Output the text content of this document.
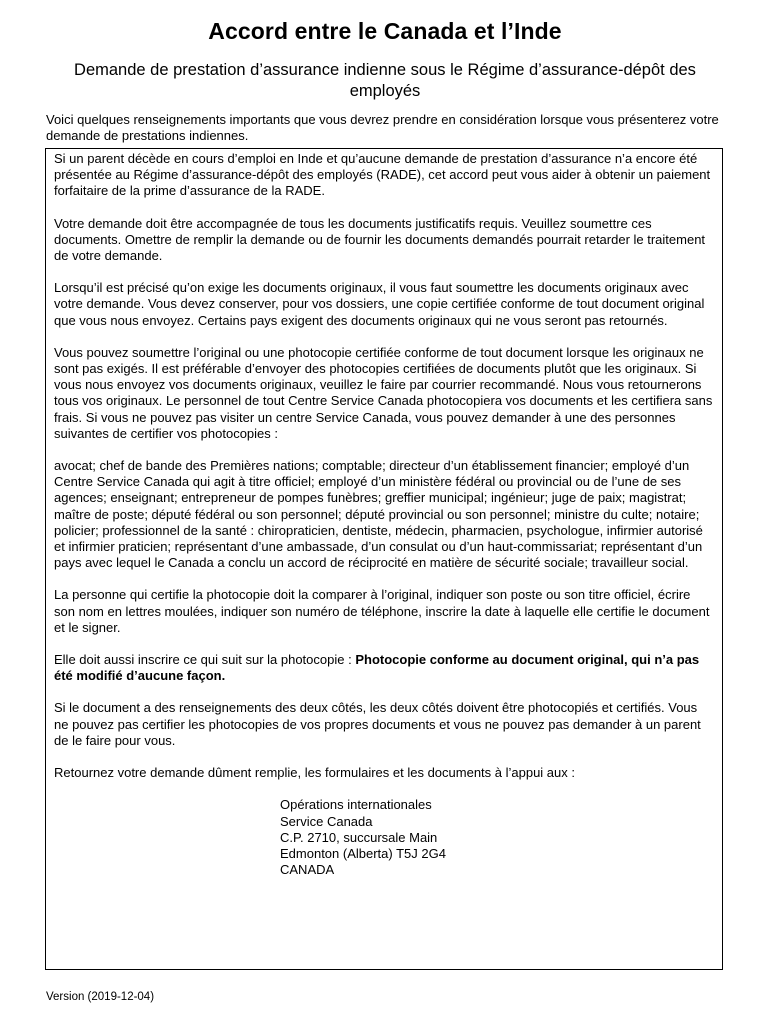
Accord entre le Canada et l’Inde
Demande de prestation d’assurance indienne sous le Régime d’assurance-dépôt des employés
Voici quelques renseignements importants que vous devrez prendre en considération lorsque vous présenterez votre demande de prestations indiennes.

Si un parent décède en cours d’emploi en Inde et qu’aucune demande de prestation d’assurance n’a encore été présentée au Régime d’assurance-dépôt des employés (RADE), cet accord peut vous aider à obtenir un paiement forfaitaire de la prime d’assurance de la RADE.

Votre demande doit être accompagnée de tous les documents justificatifs requis. Veuillez soumettre ces documents. Omettre de remplir la demande ou de fournir les documents demandés pourrait retarder le traitement de votre demande.

Lorsqu’il est précisé qu’on exige les documents originaux, il vous faut soumettre les documents originaux avec votre demande. Vous devez conserver, pour vos dossiers, une copie certifiée conforme de tout document original que vous nous envoyez. Certains pays exigent des documents originaux qui ne vous seront pas retournés.

Vous pouvez soumettre l’original ou une photocopie certifiée conforme de tout document lorsque les originaux ne sont pas exigés. Il est préférable d’envoyer des photocopies certifiées de documents plutôt que les originaux. Si vous nous envoyez vos documents originaux, veuillez le faire par courrier recommandé. Nous vous retournerons tous vos originaux. Le personnel de tout Centre Service Canada photocopiera vos documents et les certifiera sans frais. Si vous ne pouvez pas visiter un centre Service Canada, vous pouvez demander à une des personnes suivantes de certifier vos photocopies :

avocat; chef de bande des Premières nations; comptable; directeur d’un établissement financier; employé d’un Centre Service Canada qui agit à titre officiel; employé d’un ministère fédéral ou provincial ou de l’une de ses agences; enseignant; entrepreneur de pompes funèbres; greffier municipal; ingénieur; juge de paix; magistrat; maître de poste; député fédéral ou son personnel; député provincial ou son personnel; ministre du culte; notaire; policier; professionnel de la santé : chiropraticien, dentiste, médecin, pharmacien, psychologue, infirmier autorisé et infirmier praticien; représentant d’une ambassade, d’un consulat ou d’un haut-commissariat; représentant d’un pays avec lequel le Canada a conclu un accord de réciprocité en matière de sécurité sociale; travailleur social.

La personne qui certifie la photocopie doit la comparer à l’original, indiquer son poste ou son titre officiel, écrire son nom en lettres moulées, indiquer son numéro de téléphone, inscrire la date à laquelle elle certifie le document et le signer.

Elle doit aussi inscrire ce qui suit sur la photocopie : Photocopie conforme au document original, qui n’a pas été modifié d’aucune façon.

Si le document a des renseignements des deux côtés, les deux côtés doivent être photocopiés et certifiés. Vous ne pouvez pas certifier les photocopies de vos propres documents et vous ne pouvez pas demander à un parent de le faire pour vous.

Retournez votre demande dûment remplie, les formulaires et les documents à l’appui aux :

Opérations internationales
Service Canada
C.P. 2710, succursale Main
Edmonton (Alberta) T5J 2G4
CANADA
Version (2019-12-04)
